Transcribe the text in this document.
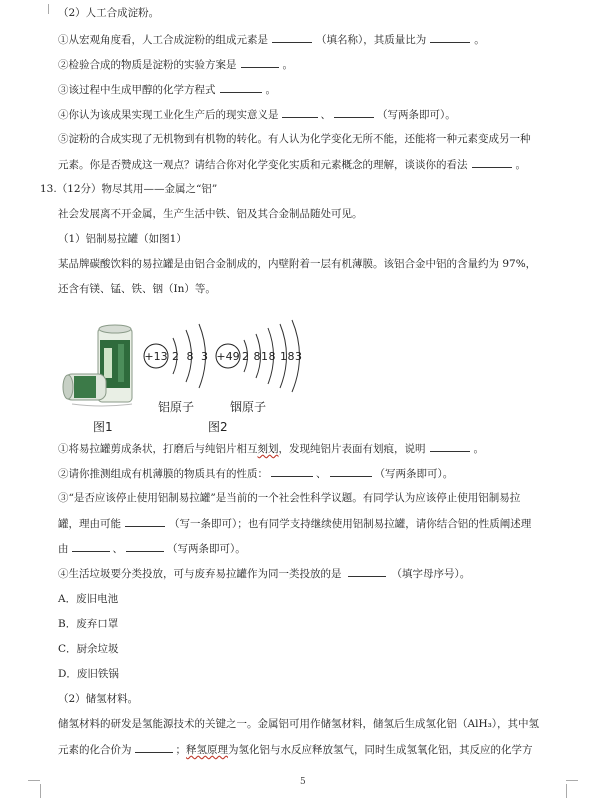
（2）人工合成淀粉。
①从宏观角度看，人工合成淀粉的组成元素是	（填名称），其质量比为	。
②检验合成的物质是淀粉的实验方案是	。
③该过程中生成甲醇的化学方程式	。
④你认为该成果实现工业化生产后的现实意义是	、	（写两条即可）。
⑤淀粉的合成实现了无机物到有机物的转化。有人认为化学变化无所不能，还能将一种元素变成另一种
元素。你是否赞成这一观点？请结合你对化学变化实质和元素概念的理解，谈谈你的看法	。
13.（12分）物尽其用——金属之“铝”
社会发展离不开金属，生产生活中铁、铝及其合金制品随处可见。
（1）铝制易拉罐（如图1）
某品牌碳酸饮料的易拉罐是由铝合金制成的，内壁附着一层有机薄膜。该铝合金中铝的含量约为 97%，
还含有镁、锰、铁、铟（In）等。
+13 2 8 3 +49 2 818 183
铝原子	铟原子
图1	图2
①将易拉罐剪成条状，打磨后与纯铝片相互刻划，发现纯铝片表面有划痕，说明	。
②请你推测组成有机薄膜的物质具有的性质：	、	（写两条即可）。
③“是否应该停止使用铝制易拉罐”是当前的一个社会性科学议题。有同学认为应该停止使用铝制易拉
罐，理由可能	（写一条即可）；也有同学支持继续使用铝制易拉罐，请你结合铝的性质阐述理
由	、	（写两条即可）。
④生活垃圾要分类投放，可与废弃易拉罐作为同一类投放的是	（填字母序号）。
A．废旧电池
B．废弃口罩
C．厨余垃圾
D．废旧铁锅
（2）储氢材料。
储氢材料的研发是氢能源技术的关键之一。金属铝可用作储氢材料，储氢后生成氢化铝（AlH₃），其中氢
元素的化合价为	；释氢原理为氢化铝与水反应释放氢气，同时生成氢氧化铝，其反应的化学方
5
